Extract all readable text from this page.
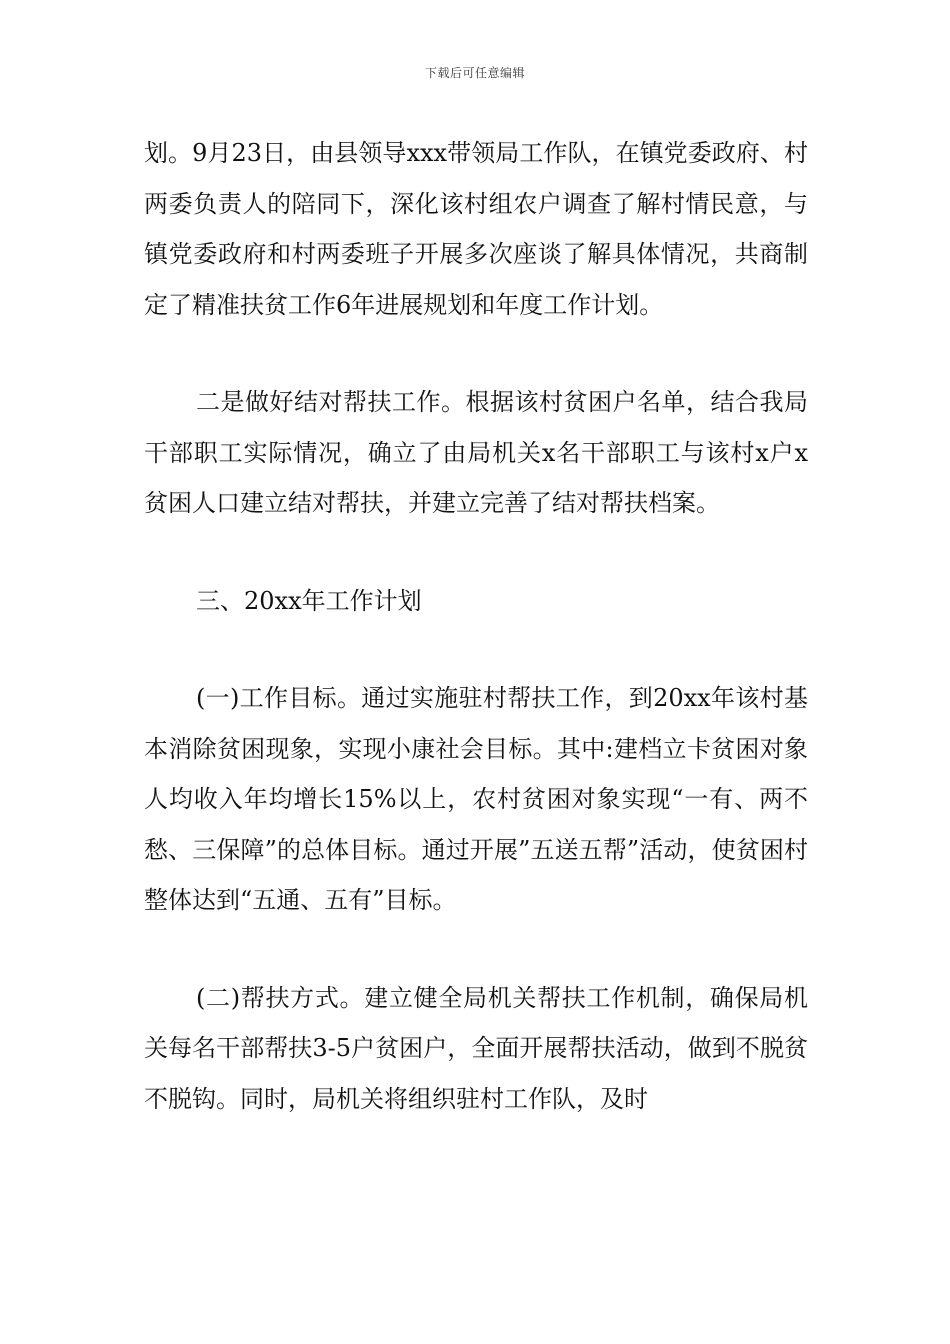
下载后可任意编辑

划。9月23日，由县领导xxx带领局工作队，在镇党委政府、村两委负责人的陪同下，深化该村组农户调查了解村情民意，与镇党委政府和村两委班子开展多次座谈了解具体情况，共商制定了精准扶贫工作6年进展规划和年度工作计划。

二是做好结对帮扶工作。根据该村贫困户名单，结合我局干部职工实际情况，确立了由局机关x名干部职工与该村x户x贫困人口建立结对帮扶，并建立完善了结对帮扶档案。

三、20xx年工作计划

(一)工作目标。通过实施驻村帮扶工作，到20xx年该村基本消除贫困现象，实现小康社会目标。其中:建档立卡贫困对象人均收入年均增长15%以上，农村贫困对象实现“一有、两不愁、三保障”的总体目标。通过开展”五送五帮”活动，使贫困村整体达到“五通、五有”目标。

(二)帮扶方式。建立健全局机关帮扶工作机制，确保局机关每名干部帮扶3-5户贫困户，全面开展帮扶活动，做到不脱贫不脱钩。同时，局机关将组织驻村工作队，及时
